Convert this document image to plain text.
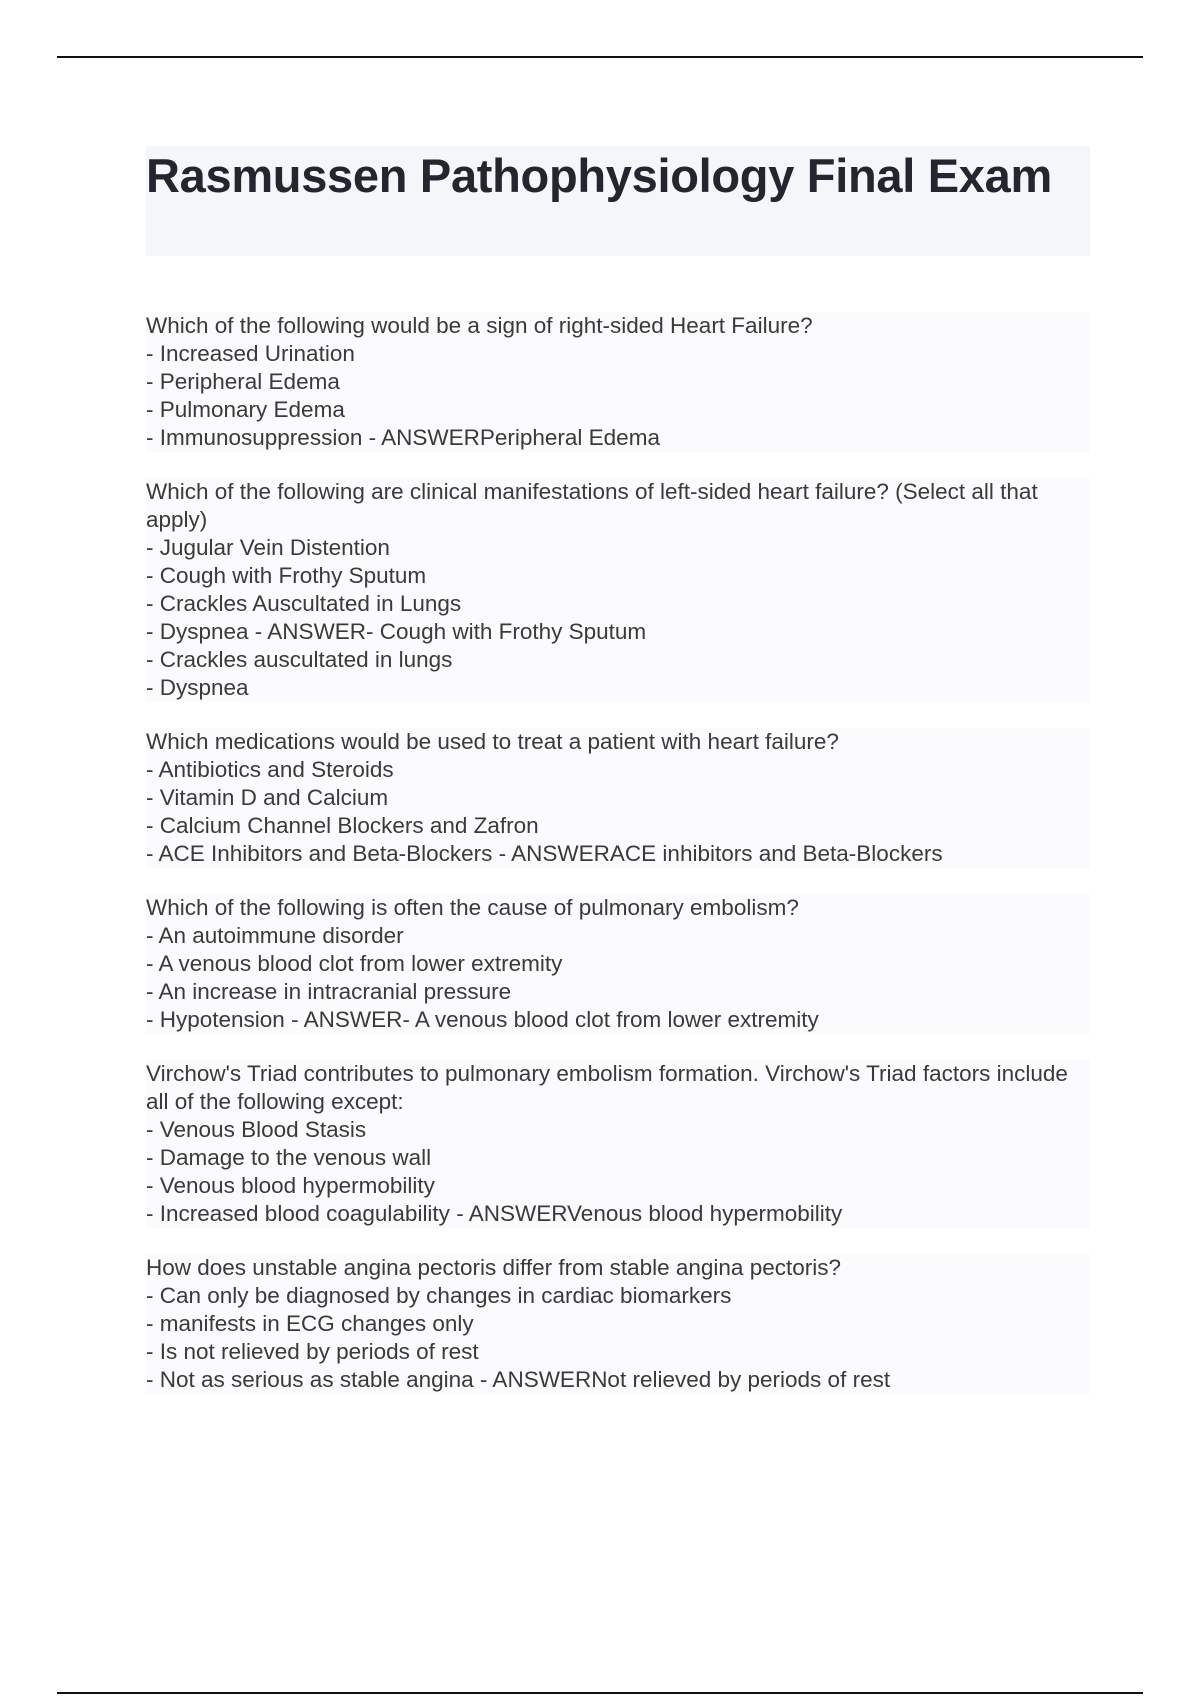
Rasmussen Pathophysiology Final Exam
Which of the following would be a sign of right-sided Heart Failure?
- Increased Urination
- Peripheral Edema
- Pulmonary Edema
- Immunosuppression - ANSWERPeripheral Edema
Which of the following are clinical manifestations of left-sided heart failure? (Select all that apply)
- Jugular Vein Distention
- Cough with Frothy Sputum
- Crackles Auscultated in Lungs
- Dyspnea - ANSWER- Cough with Frothy Sputum
- Crackles auscultated in lungs
- Dyspnea
Which medications would be used to treat a patient with heart failure?
- Antibiotics and Steroids
- Vitamin D and Calcium
- Calcium Channel Blockers and Zafron
- ACE Inhibitors and Beta-Blockers - ANSWERACE inhibitors and Beta-Blockers
Which of the following is often the cause of pulmonary embolism?
- An autoimmune disorder
- A venous blood clot from lower extremity
- An increase in intracranial pressure
- Hypotension - ANSWER- A venous blood clot from lower extremity
Virchow's Triad contributes to pulmonary embolism formation. Virchow's Triad factors include all of the following except:
- Venous Blood Stasis
- Damage to the venous wall
- Venous blood hypermobility
- Increased blood coagulability - ANSWERVenous blood hypermobility
How does unstable angina pectoris differ from stable angina pectoris?
- Can only be diagnosed by changes in cardiac biomarkers
- manifests in ECG changes only
- Is not relieved by periods of rest
- Not as serious as stable angina - ANSWERNot relieved by periods of rest
